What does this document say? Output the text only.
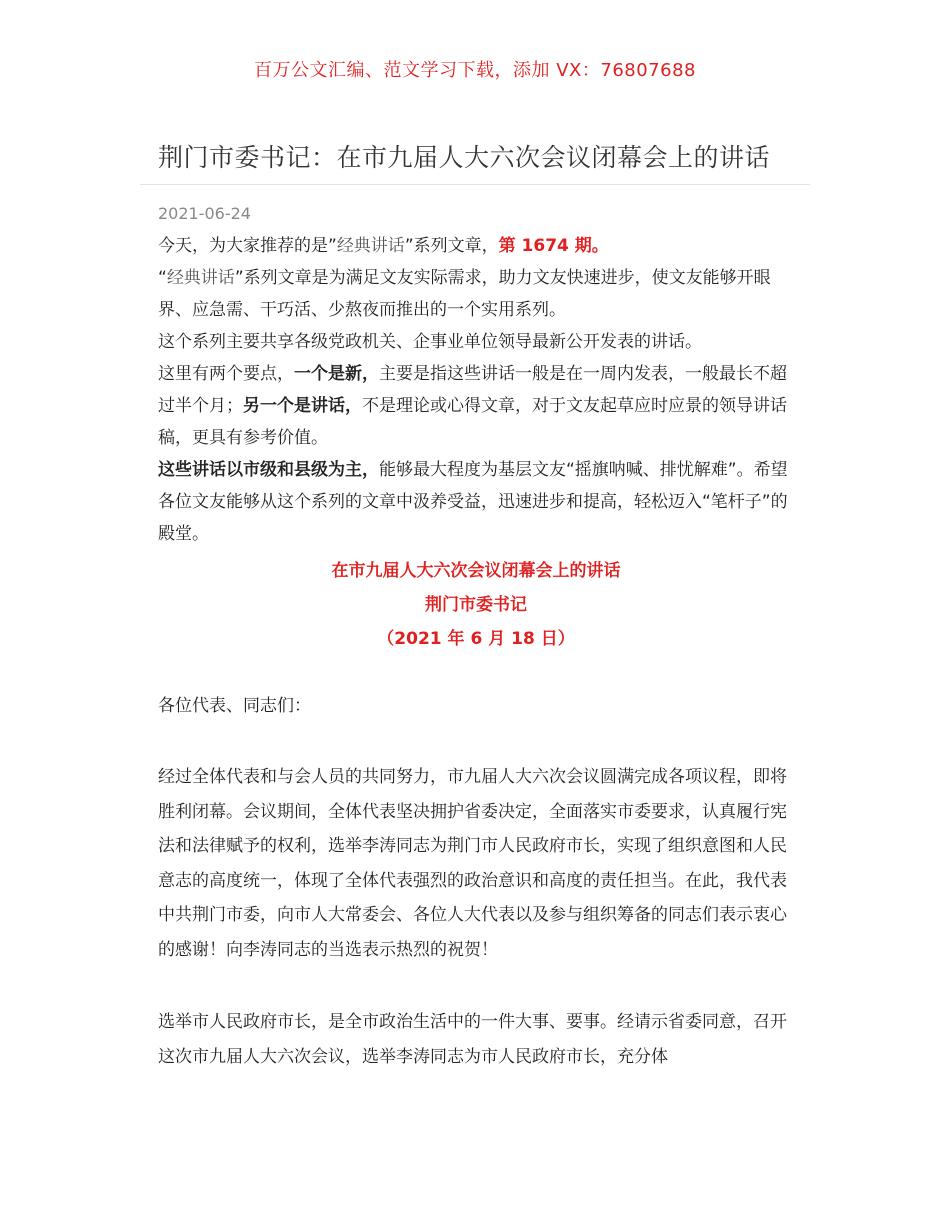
百万公文汇编、范文学习下载，添加 VX：76807688
荆门市委书记：在市九届人大六次会议闭幕会上的讲话
2021-06-24

今天，为大家推荐的是”经典讲话”系列文章，第 1674 期。

“经典讲话”系列文章是为满足文友实际需求，助力文友快速进步，使文友能够开眼界、应急需、干巧活、少熬夜而推出的一个实用系列。

这个系列主要共享各级党政机关、企事业单位领导最新公开发表的讲话。

这里有两个要点，一个是新，主要是指这些讲话一般是在一周内发表，一般最长不超过半个月；另一个是讲话，不是理论或心得文章，对于文友起草应时应景的领导讲话稿，更具有参考价值。

这些讲话以市级和县级为主，能够最大程度为基层文友“摇旗呐喊、排忧解难”。希望各位文友能够从这个系列的文章中汲养受益，迅速进步和提高，轻松迈入“笔杆子”的殿堂。

在市九届人大六次会议闭幕会上的讲话
荆门市委书记
（2021 年 6 月 18 日）

各位代表、同志们：

经过全体代表和与会人员的共同努力，市九届人大六次会议圆满完成各项议程，即将胜利闭幕。会议期间，全体代表坚决拥护省委决定，全面落实市委要求，认真履行宪法和法律赋予的权利，选举李涛同志为荆门市人民政府市长，实现了组织意图和人民意志的高度统一，体现了全体代表强烈的政治意识和高度的责任担当。在此，我代表中共荆门市委，向市人大常委会、各位人大代表以及参与组织筹备的同志们表示衷心的感谢！向李涛同志的当选表示热烈的祝贺！

选举市人民政府市长，是全市政治生活中的一件大事、要事。经请示省委同意，召开这次市九届人大六次会议，选举李涛同志为市人民政府市长，充分体
